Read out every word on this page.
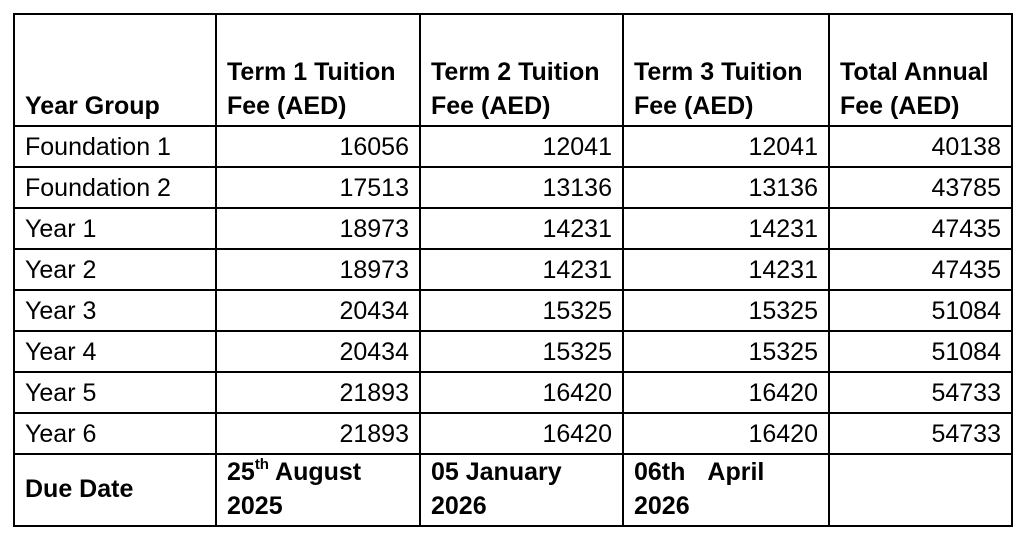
Year Group	Term 1 Tuition Fee (AED)	Term 2 Tuition Fee (AED)	Term 3 Tuition Fee (AED)	Total Annual Fee (AED)
Foundation 1	16056	12041	12041	40138
Foundation 2	17513	13136	13136	43785
Year 1	18973	14231	14231	47435
Year 2	18973	14231	14231	47435
Year 3	20434	15325	15325	51084
Year 4	20434	15325	15325	51084
Year 5	21893	16420	16420	54733
Year 6	21893	16420	16420	54733
Due Date	25th August 2025	05 January 2026	06th April 2026	
